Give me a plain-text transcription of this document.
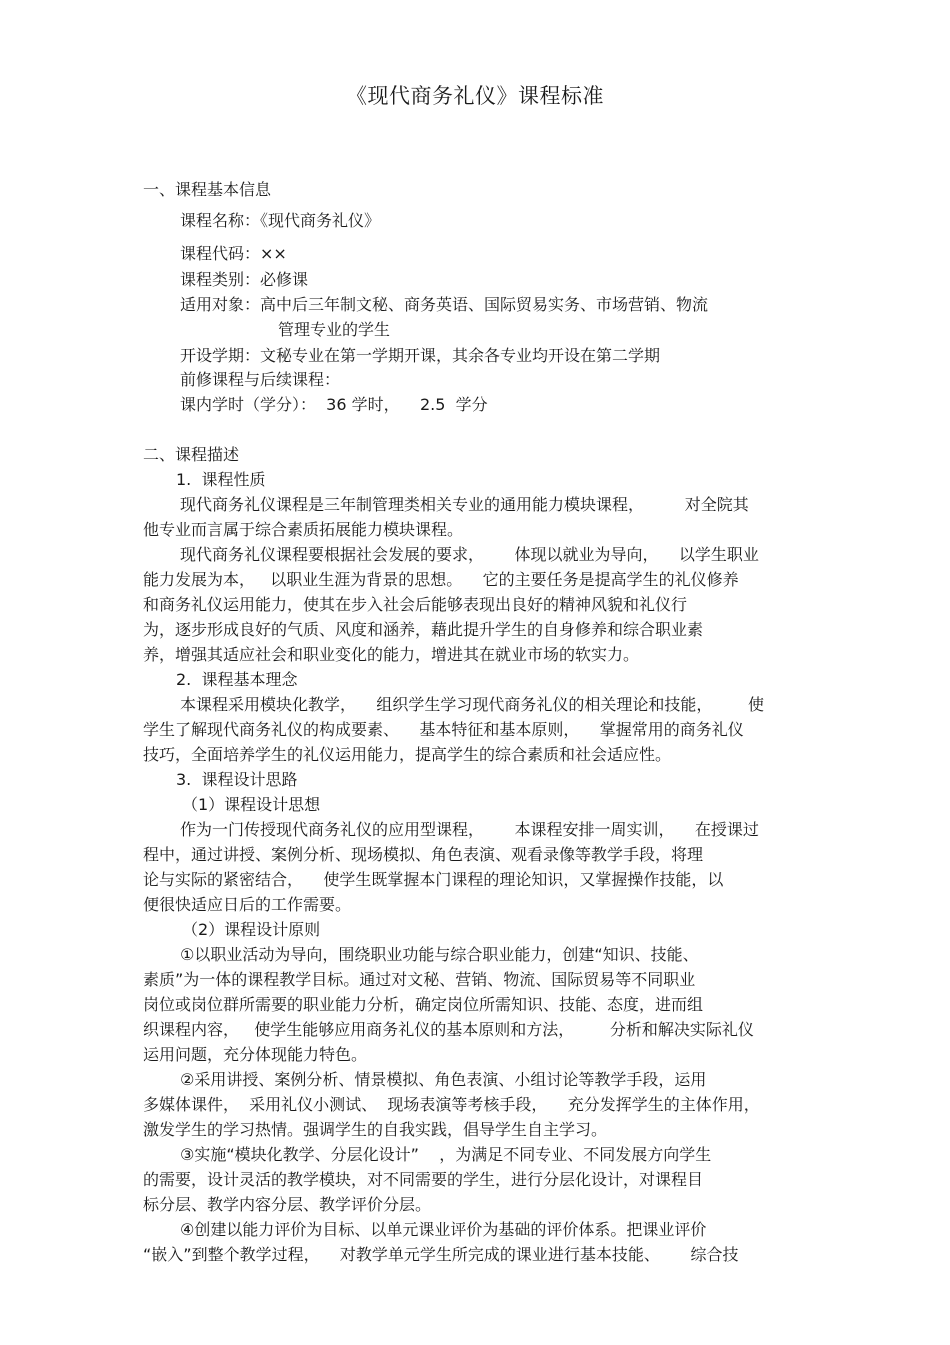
《现代商务礼仪》课程标准
一、课程基本信息
课程名称：《现代商务礼仪》
课程代码：××
课程类别：必修课
适用对象：高中后三年制文秘、商务英语、国际贸易实务、市场营销、物流
管理专业的学生
开设学期：文秘专业在第一学期开课，其余各专业均开设在第二学期
前修课程与后续课程：
课内学时（学分）：  36 学时，    2.5  学分
二、课程描述
1.  课程性质
现代商务礼仪课程是三年制管理类相关专业的通用能力模块课程，        对全院其
他专业而言属于综合素质拓展能力模块课程。
现代商务礼仪课程要根据社会发展的要求，      体现以就业为导向，    以学生职业
能力发展为本，   以职业生涯为背景的思想。    它的主要任务是提高学生的礼仪修养
和商务礼仪运用能力，使其在步入社会后能够表现出良好的精神风貌和礼仪行
为，逐步形成良好的气质、风度和涵养，藉此提升学生的自身修养和综合职业素
养，增强其适应社会和职业变化的能力，增进其在就业市场的软实力。
2.  课程基本理念
本课程采用模块化教学，    组织学生学习现代商务礼仪的相关理论和技能，       使
学生了解现代商务礼仪的构成要素、    基本特征和基本原则，    掌握常用的商务礼仪
技巧，全面培养学生的礼仪运用能力，提高学生的综合素质和社会适应性。
3.  课程设计思路
（1）课程设计思想
作为一门传授现代商务礼仪的应用型课程，      本课程安排一周实训，    在授课过
程中，通过讲授、案例分析、现场模拟、角色表演、观看录像等教学手段，将理
论与实际的紧密结合，    使学生既掌握本门课程的理论知识，又掌握操作技能，以
便很快适应日后的工作需要。
（2）课程设计原则
①以职业活动为导向，围绕职业功能与综合职业能力，创建“知识、技能、
素质”为一体的课程教学目标。通过对文秘、营销、物流、国际贸易等不同职业
岗位或岗位群所需要的职业能力分析，确定岗位所需知识、技能、态度，进而组
织课程内容，   使学生能够应用商务礼仪的基本原则和方法，       分析和解决实际礼仪
运用问题，充分体现能力特色。
②采用讲授、案例分析、情景模拟、角色表演、小组讨论等教学手段，运用
多媒体课件，  采用礼仪小测试、  现场表演等考核手段，    充分发挥学生的主体作用，
激发学生的学习热情。强调学生的自我实践，倡导学生自主学习。
③实施“模块化教学、分层化设计”    ，为满足不同专业、不同发展方向学生
的需要，设计灵活的教学模块，对不同需要的学生，进行分层化设计，对课程目
标分层、教学内容分层、教学评价分层。
④创建以能力评价为目标、以单元课业评价为基础的评价体系。把课业评价
“嵌入”到整个教学过程，    对教学单元学生所完成的课业进行基本技能、      综合技
